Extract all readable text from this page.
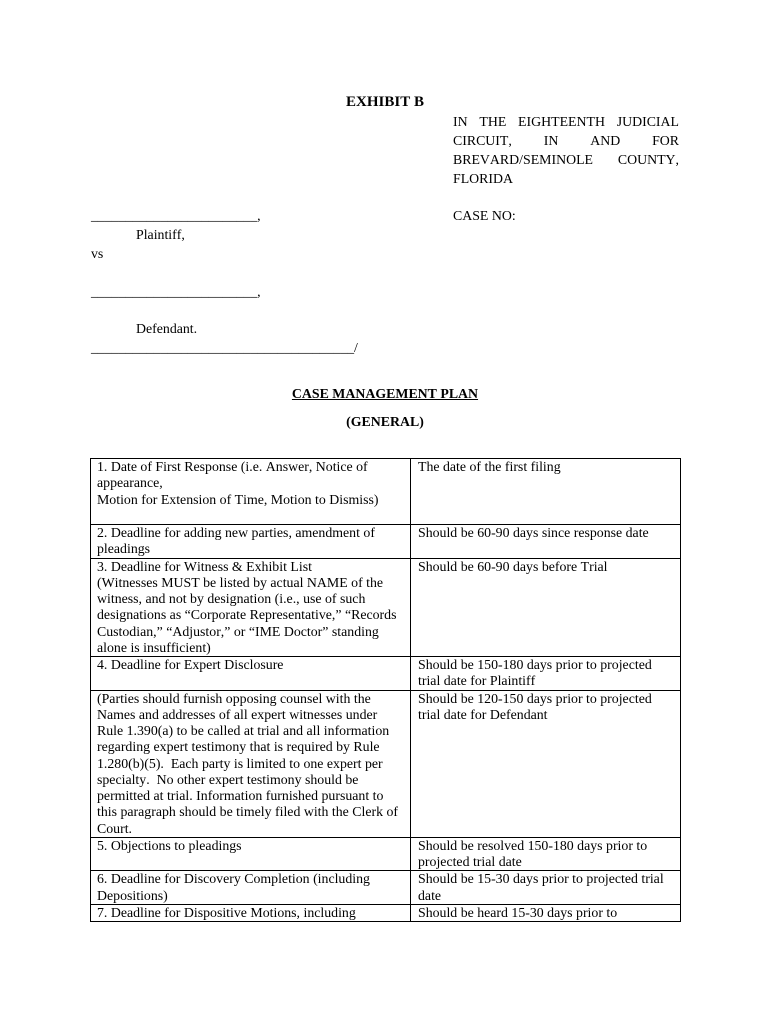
EXHIBIT B
IN THE EIGHTEENTH JUDICIAL CIRCUIT, IN AND FOR BREVARD/SEMINOLE COUNTY, FLORIDA
CASE NO:
________________________,
Plaintiff,
vs
________________________,
Defendant.
______________________________________/
CASE MANAGEMENT PLAN
(GENERAL)
1. Date of First Response (i.e. Answer, Notice of appearance,
Motion for Extension of Time, Motion to Dismiss)	The date of the first filing

2. Deadline for adding new parties, amendment of pleadings	Should be 60-90 days since response date

3. Deadline for Witness & Exhibit List
(Witnesses MUST be listed by actual NAME of the witness, and not by designation (i.e., use of such designations as “Corporate Representative,” “Records Custodian,” “Adjustor,” or “IME Doctor” standing alone is insufficient)	Should be 60-90 days before Trial

4. Deadline for Expert Disclosure	Should be 150-180 days prior to projected trial date for Plaintiff

(Parties should furnish opposing counsel with the Names and addresses of all expert witnesses under Rule 1.390(a) to be called at trial and all information regarding expert testimony that is required by Rule 1.280(b)(5).  Each party is limited to one expert per specialty.  No other expert testimony should be permitted at trial. Information furnished pursuant to this paragraph should be timely filed with the Clerk of Court.	Should be 120-150 days prior to projected trial date for Defendant

5. Objections to pleadings	Should be resolved 150-180 days prior to projected trial date

6. Deadline for Discovery Completion (including Depositions)	Should be 15-30 days prior to projected trial date

7. Deadline for Dispositive Motions, including	Should be heard 15-30 days prior to
